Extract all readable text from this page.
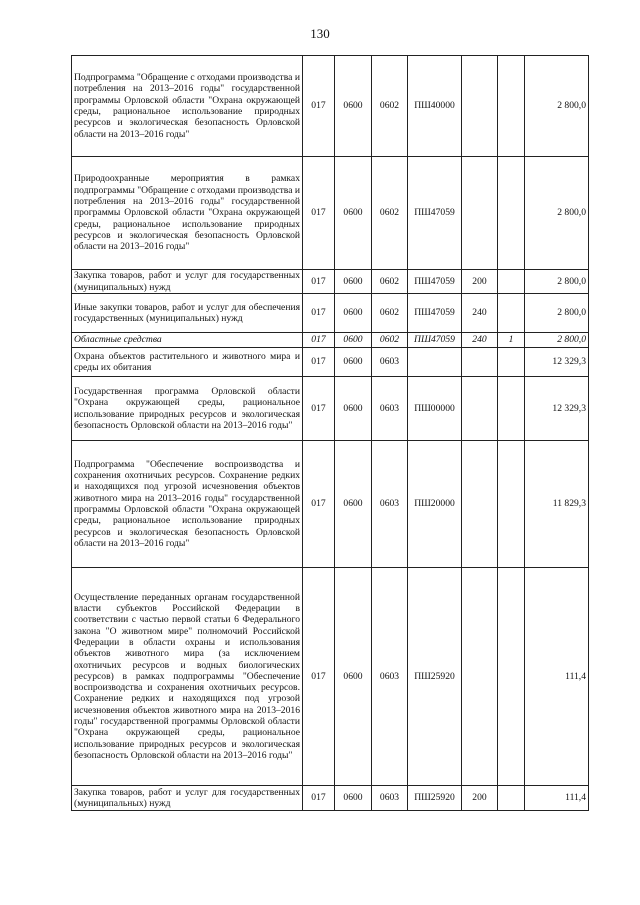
130
Подпрограмма "Обращение с отходами производства и потребления на 2013–2016 годы" государственной программы Орловской области "Охрана окружающей среды, рациональное использование природных ресурсов и экологическая безопасность Орловской области на 2013–2016 годы"	017	0600	0602	ПШ40000			2 800,0
Природоохранные мероприятия в рамках подпрограммы "Обращение с отходами производства и потребления на 2013–2016 годы" государственной программы Орловской области "Охрана окружающей среды, рациональное использование природных ресурсов и экологическая безопасность Орловской области на 2013–2016 годы"	017	0600	0602	ПШ47059			2 800,0
Закупка товаров, работ и услуг для государственных (муниципальных) нужд	017	0600	0602	ПШ47059	200		2 800,0
Иные закупки товаров, работ и услуг для обеспечения государственных (муниципальных) нужд	017	0600	0602	ПШ47059	240		2 800,0
Областные средства	017	0600	0602	ПШ47059	240	1	2 800,0
Охрана объектов растительного и животного мира и среды их обитания	017	0600	0603				12 329,3
Государственная программа Орловской области "Охрана окружающей среды, рациональное использование природных ресурсов и экологическая безопасность Орловской области на 2013–2016 годы"	017	0600	0603	ПШ00000			12 329,3
Подпрограмма "Обеспечение воспроизводства и сохранения охотничьих ресурсов. Сохранение редких и находящихся под угрозой исчезновения объектов животного мира на 2013–2016 годы" государственной программы Орловской области "Охрана окружающей среды, рациональное использование природных ресурсов и экологическая безопасность Орловской области на 2013–2016 годы"	017	0600	0603	ПШ20000			11 829,3
Осуществление переданных органам государственной власти субъектов Российской Федерации в соответствии с частью первой статьи 6 Федерального закона "О животном мире" полномочий Российской Федерации в области охраны и использования объектов животного мира (за исключением охотничьих ресурсов и водных биологических ресурсов) в рамках подпрограммы "Обеспечение воспроизводства и сохранения охотничьих ресурсов. Сохранение редких и находящихся под угрозой исчезновения объектов животного мира на 2013–2016 годы" государственной программы Орловской области "Охрана окружающей среды, рациональное использование природных ресурсов и экологическая безопасность Орловской области на 2013–2016 годы"	017	0600	0603	ПШ25920			111,4
Закупка товаров, работ и услуг для государственных (муниципальных) нужд	017	0600	0603	ПШ25920	200		111,4
